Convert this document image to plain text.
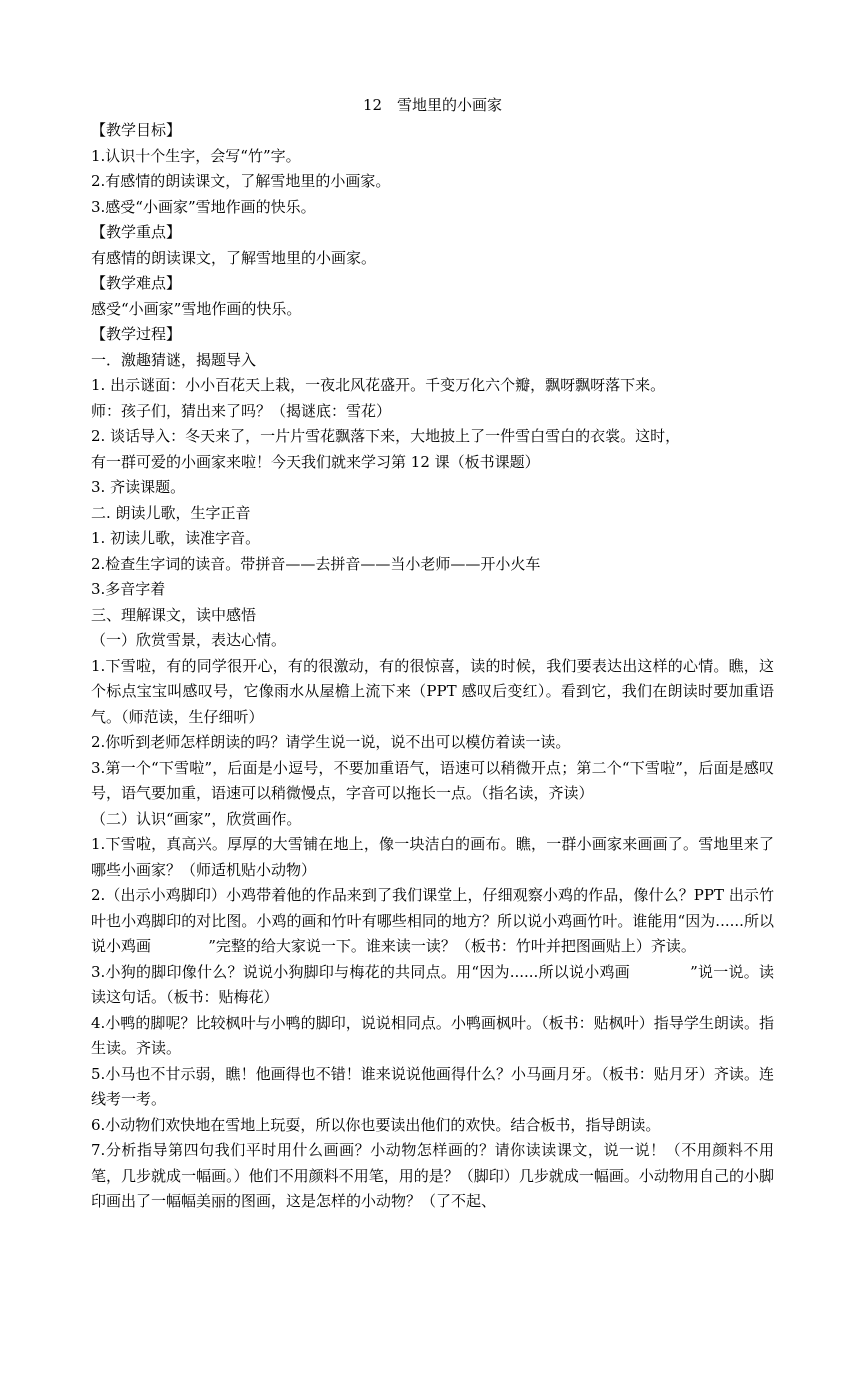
12　雪地里的小画家
【教学目标】
1.认识十个生字，会写“竹”字。
2.有感情的朗读课文，了解雪地里的小画家。
3.感受“小画家”雪地作画的快乐。
【教学重点】
有感情的朗读课文，了解雪地里的小画家。
【教学难点】
感受“小画家”雪地作画的快乐。
【教学过程】
一．激趣猜谜，揭题导入
1. 出示谜面：小小百花天上栽，一夜北风花盛开。千变万化六个瓣，飘呀飘呀落下来。
师：孩子们，猜出来了吗？（揭谜底：雪花）
2. 谈话导入：冬天来了，一片片雪花飘落下来，大地披上了一件雪白雪白的衣裳。这时，
有一群可爱的小画家来啦！今天我们就来学习第 12 课（板书课题）
3. 齐读课题。
二. 朗读儿歌，生字正音
1. 初读儿歌，读准字音。
2.检查生字词的读音。带拼音——去拼音——当小老师——开小火车
3.多音字着
三、理解课文，读中感悟
（一）欣赏雪景，表达心情。
1.下雪啦，有的同学很开心，有的很激动，有的很惊喜，读的时候，我们要表达出这样的心情。瞧，这个标点宝宝叫感叹号，它像雨水从屋檐上流下来（PPT 感叹后变红）。看到它，我们在朗读时要加重语气。（师范读，生仔细听）
2.你听到老师怎样朗读的吗？请学生说一说，说不出可以模仿着读一读。
3.第一个“下雪啦”，后面是小逗号，不要加重语气，语速可以稍微开点；第二个“下雪啦”，后面是感叹号，语气要加重，语速可以稍微慢点，字音可以拖长一点。（指名读，齐读）
（二）认识“画家”，欣赏画作。
1.下雪啦，真高兴。厚厚的大雪铺在地上，像一块洁白的画布。瞧，一群小画家来画画了。雪地里来了哪些小画家？（师适机贴小动物）
2.（出示小鸡脚印）小鸡带着他的作品来到了我们课堂上，仔细观察小鸡的作品，像什么？PPT 出示竹叶也小鸡脚印的对比图。小鸡的画和竹叶有哪些相同的地方？所以说小鸡画竹叶。谁能用“因为......所以说小鸡画            ”完整的给大家说一下。谁来读一读？（板书：竹叶并把图画贴上）齐读。
3.小狗的脚印像什么？说说小狗脚印与梅花的共同点。用“因为......所以说小鸡画            ”说一说。读读这句话。（板书：贴梅花）
4.小鸭的脚呢？比较枫叶与小鸭的脚印，说说相同点。小鸭画枫叶。（板书：贴枫叶）指导学生朗读。指生读。齐读。
5.小马也不甘示弱，瞧！他画得也不错！谁来说说他画得什么？小马画月牙。（板书：贴月牙）齐读。连线考一考。
6.小动物们欢快地在雪地上玩耍，所以你也要读出他们的欢快。结合板书，指导朗读。
7.分析指导第四句我们平时用什么画画？小动物怎样画的？请你读读课文，说一说！（不用颜料不用笔，几步就成一幅画。）他们不用颜料不用笔，用的是？（脚印）几步就成一幅画。小动物用自己的小脚印画出了一幅幅美丽的图画，这是怎样的小动物？（了不起、
